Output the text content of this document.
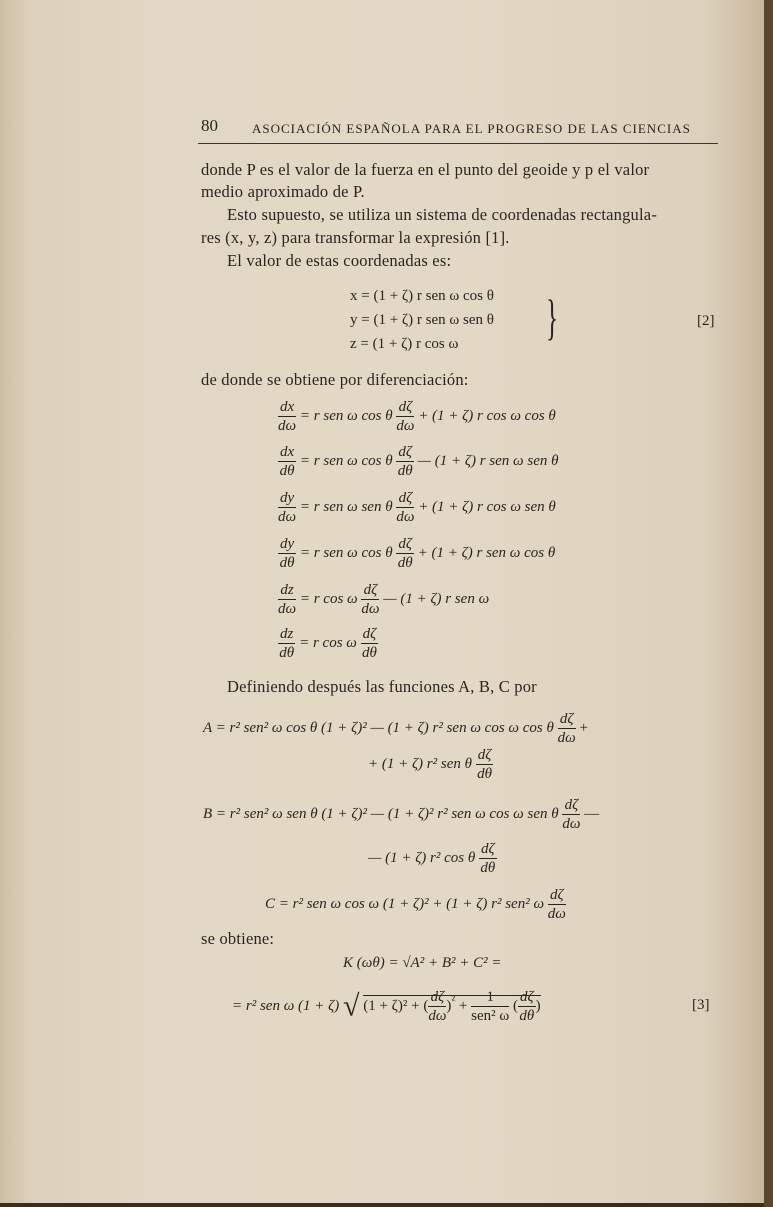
80	ASOCIACIÓN ESPAÑOLA PARA EL PROGRESO DE LAS CIENCIAS
donde P es el valor de la fuerza en el punto del geoide y p el valor
medio aproximado de P.
Esto supuesto, se utiliza un sistema de coordenadas rectangula-
res (x, y, z) para transformar la expresión [1].
El valor de estas coordenadas es:
x = (1 + ζ) r sen ω cos θ
y = (1 + ζ) r sen ω sen θ
z = (1 + ζ) r cos ω }	[2]
de donde se obtiene por diferenciación:
$\frac{dx}{d\omega} = r$ sen ω cos θ $\frac{d\zeta}{d\omega} + (1 + \zeta)$ r cos ω cos θ
$\frac{dx}{d\theta} = r$ sen ω cos θ $\frac{d\zeta}{d\theta}$ — (1 + ζ) r sen ω sen θ
$\frac{dy}{d\omega} = r$ sen ω sen θ $\frac{d\zeta}{d\omega} + (1 + \zeta)$ r cos ω sen θ
$\frac{dy}{d\theta} = r$ sen ω cos θ $\frac{d\zeta}{d\theta} + (1 + \zeta)$ r sen ω cos θ
$\frac{dz}{d\omega} = r$ cos ω $\frac{d\zeta}{d\omega}$ — (1 + ζ) r sen ω
$\frac{dz}{d\theta} = r$ cos ω $\frac{d\zeta}{d\theta}$
Definiendo después las funciones A, B, C por
A = r² sen² ω cos θ (1 + ζ)² — (1 + ζ) r² sen ω cos ω cos θ $\frac{d\zeta}{d\omega}$ +
+ (1 + ζ) r² sen θ $\frac{d\zeta}{d\theta}$
B = r² sen² ω sen θ (1 + ζ)² — (1 + ζ)² r² sen ω cos ω sen θ $\frac{d\zeta}{d\omega}$ —
— (1 + ζ) r² cos θ $\frac{d\zeta}{d\theta}$
C = r² sen ω cos ω (1 + ζ)² + (1 + ζ) r² sen² ω $\frac{d\zeta}{d\omega}$
se obtiene:
K (ωθ) = √A² + B² + C² =
= r² sen ω (1 + ζ) √ (1 + ζ)² + ( $\frac{d\zeta}{d\omega} )^{^2} + \frac{1}{\text{sen² ω}}$ ( $\frac{d\zeta}{d\theta}$ )	[3]
